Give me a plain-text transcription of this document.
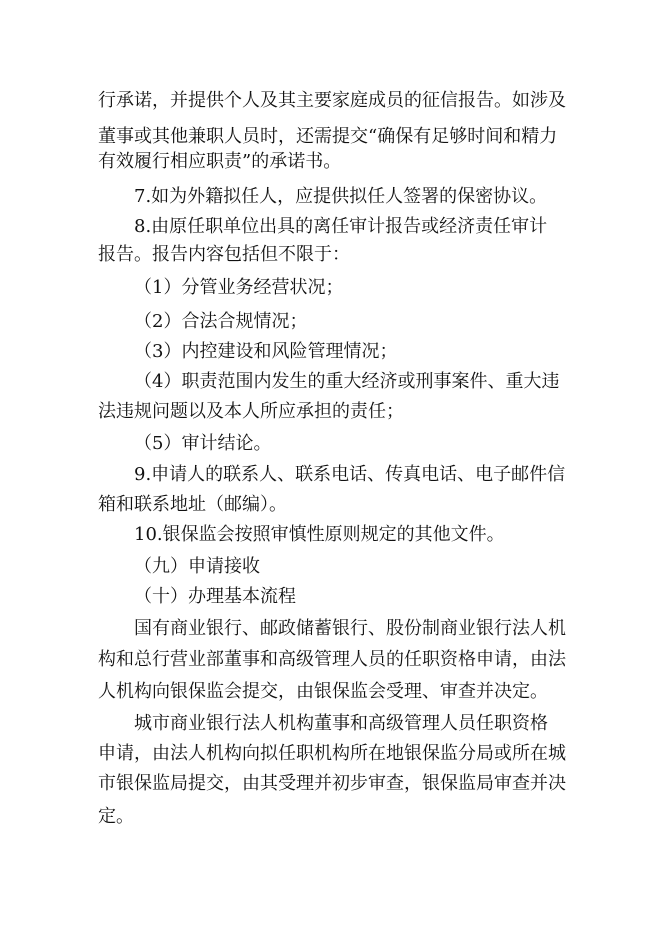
行承诺，并提供个人及其主要家庭成员的征信报告。如涉及
董事或其他兼职人员时，还需提交“确保有足够时间和精力
有效履行相应职责”的承诺书。
7.如为外籍拟任人，应提供拟任人签署的保密协议。
8.由原任职单位出具的离任审计报告或经济责任审计
报告。报告内容包括但不限于：
（1）分管业务经营状况；
（2）合法合规情况；
（3）内控建设和风险管理情况；
（4）职责范围内发生的重大经济或刑事案件、重大违
法违规问题以及本人所应承担的责任；
（5）审计结论。
9.申请人的联系人、联系电话、传真电话、电子邮件信
箱和联系地址（邮编）。
10.银保监会按照审慎性原则规定的其他文件。
（九）申请接收
（十）办理基本流程
国有商业银行、邮政储蓄银行、股份制商业银行法人机
构和总行营业部董事和高级管理人员的任职资格申请，由法
人机构向银保监会提交，由银保监会受理、审查并决定。
城市商业银行法人机构董事和高级管理人员任职资格
申请，由法人机构向拟任职机构所在地银保监分局或所在城
市银保监局提交，由其受理并初步审查，银保监局审查并决
定。
